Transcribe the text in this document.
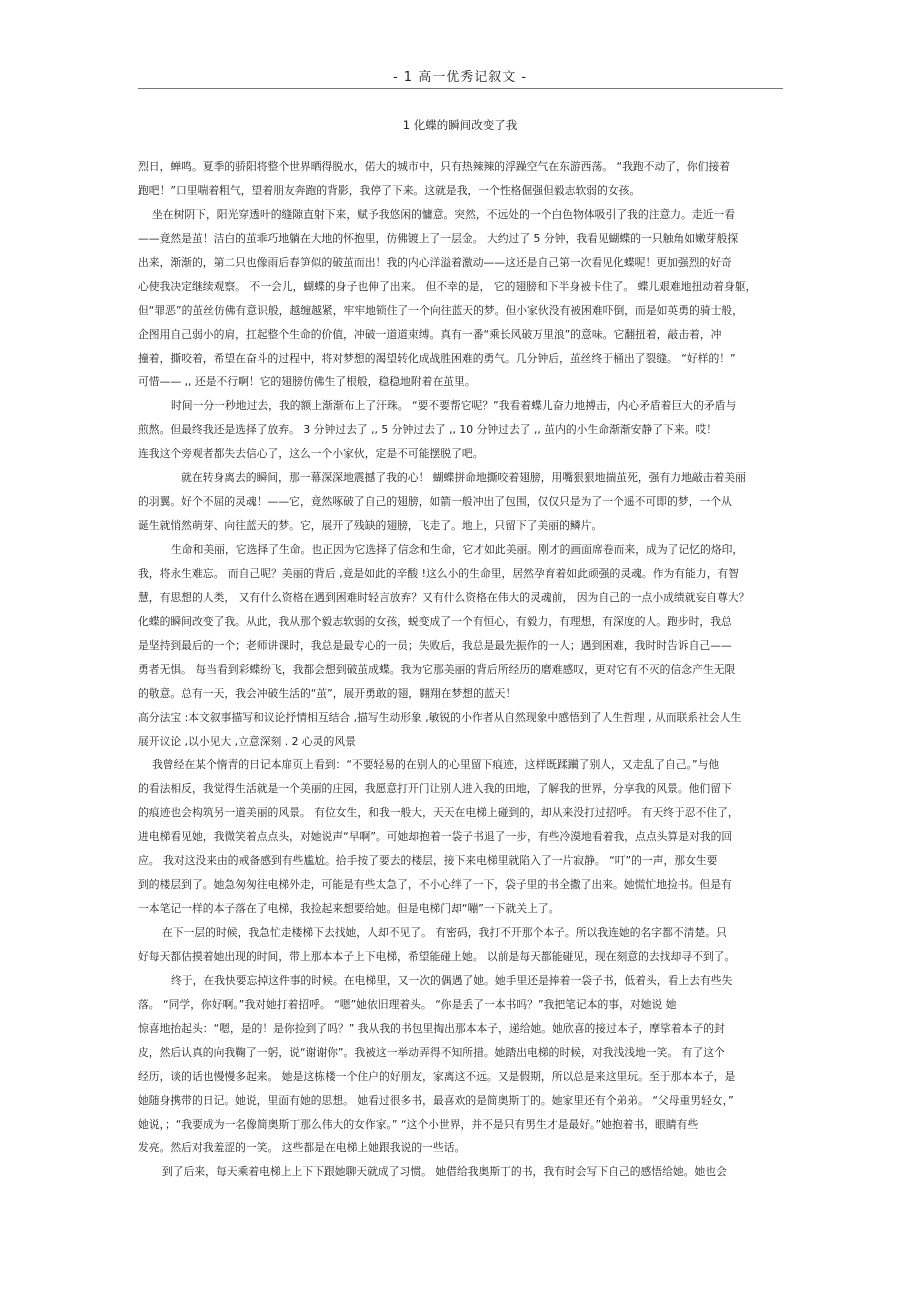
- 1 高一优秀记叙文 -
1 化蝶的瞬间改变了我
烈日，蝉鸣。夏季的骄阳将整个世界晒得脱水，偌大的城市中，只有热辣辣的浮躁空气在东游西荡。 “我跑不动了，你们接着
跑吧！”口里喘着粗气，望着朋友奔跑的背影，我停了下来。这就是我，一个性格倔强但毅志软弱的女孩。
坐在树阴下，阳光穿透叶的缝隙直射下来，赋予我悠闲的慵意。突然，不远处的一个白色物体吸引了我的注意力。走近一看
——竟然是茧！洁白的茧乖巧地躺在大地的怀抱里，仿佛镀上了一层金。 大约过了 5 分钟，我看见蝴蝶的一只触角如嫩芽般探
出来，渐渐的，第二只也像雨后春笋似的破茧而出！我的内心洋溢着激动——这还是自己第一次看见化蝶呢！更加强烈的好奇
心使我决定继续观察。 不一会儿，蝴蝶的身子也伸了出来。 但不幸的是， 它的翅膀和下半身被卡住了。 蝶儿艰难地扭动着身躯，
但“罪恶”的茧丝仿佛有意识般，越缠越紧，牢牢地锁住了一个向往蓝天的梦。但小家伙没有被困难吓倒，而是如英勇的骑士般，
企图用自己弱小的肩，扛起整个生命的价值，冲破一道道束缚。真有一番“乘长风破万里浪”的意味。它翻扭着，敲击着，冲
撞着，撕咬着，希望在奋斗的过程中，将对梦想的渴望转化成战胜困难的勇气。几分钟后，茧丝终于桶出了裂缝。 “好样的！”
可惜—— ,, 还是不行啊！它的翅膀仿佛生了根般，稳稳地附着在茧里。
时间一分一秒地过去，我的额上渐渐布上了汗珠。 “要不要帮它呢？”我看着蝶儿奋力地搏击，内心矛盾着巨大的矛盾与
煎熬。但最终我还是选择了放弃。 3 分钟过去了 ,, 5 分钟过去了 ,, 10 分钟过去了 ,, 茧内的小生命渐渐安静了下来。哎！
连我这个旁观者都失去信心了，这么一个小家伙，定是不可能摆脱了吧。
就在转身离去的瞬间，那一幕深深地震撼了我的心！ 蝴蝶拼命地撕咬着翅膀，用嘴狠狠地揣茧死，强有力地敲击着美丽
的羽翼。好个不屈的灵魂！——它，竟然啄破了自己的翅膀，如箭一般冲出了包围，仅仅只是为了一个遥不可即的梦，一个从
诞生就悄然萌芽、向往蓝天的梦。它，展开了残缺的翅膀，飞走了。地上，只留下了美丽的鳞片。
生命和美丽，它选择了生命。也正因为它选择了信念和生命，它才如此美丽。刚才的画面席卷而来，成为了记忆的烙印，
我，将永生难忘。 而自己呢？美丽的背后 ,竟是如此的辛酸 !这么小的生命里，居然孕育着如此顽强的灵魂。作为有能力，有智
慧，有思想的人类， 又有什么资格在遇到困难时轻言放弃？又有什么资格在伟大的灵魂前， 因为自己的一点小成绩就妄自尊大？
化蝶的瞬间改变了我。从此，我从那个毅志软弱的女孩，蜕变成了一个有恒心，有毅力，有理想，有深度的人。跑步时，我总
是坚持到最后的一个；老师讲课时，我总是最专心的一员；失败后，我总是最先振作的一人；遇到困难，我时时告诉自己——
勇者无惧。 每当看到彩蝶纷飞，我都会想到破茧成蝶。我为它那美丽的背后所经历的磨难感叹，更对它有不灭的信念产生无限
的敬意。总有一天，我会冲破生活的“茧”，展开勇敢的翅，翱翔在梦想的蓝天！
高分法宝 :本文叙事描写和议论抒情相互结合 ,描写生动形象 ,敏锐的小作者从自然现象中感悟到了人生哲理 , 从而联系社会人生
展开议论 ,以小见大 ,立意深刻 . 2 心灵的风景
我曾经在某个惰青的日记本扉页上看到：“不要轻易的在别人的心里留下痕迹，这样既蹂躏了别人，又走乱了自己。”与他
的看法相反，我觉得生活就是一个美丽的庄园，我愿意打开门让别人进入我的田地，了解我的世界，分享我的风景。他们留下
的痕迹也会构筑另一道美丽的风景。 有位女生，和我一般大，天天在电梯上碰到的，却从来没打过招呼。 有天终于忍不住了，
进电梯看见她，我微笑着点点头，对她说声“早啊”。可她却抱着一袋子书退了一步，有些冷漠地看着我，点点头算是对我的回
应。 我对这没来由的戒备感到有些尴尬。拾手按了要去的楼层，接下来电梯里就陷入了一片寂静。 “叮”的一声，那女生要
到的楼层到了。她急匆匆往电梯外走，可能是有些太急了，不小心绊了一下，袋子里的书全撒了出来。她慌忙地捡书。但是有
一本笔记一样的本子落在了电梯，我捡起来想要给她。但是电梯门却“嘣”一下就关上了。
在下一层的时候，我急忙走楼梯下去找她，人却不见了。 有密码，我打不开那个本子。所以我连她的名字都不清楚。只
好每天都估摸着她出现的时间，带上那本本子上下电梯，希望能碰上她。 以前是每天都能碰见，现在刻意的去找却寻不到了。
终于，在我快要忘掉这件事的时候。在电梯里，又一次的偶遇了她。她手里还是捧着一袋子书，低着头，看上去有些失
落。 “同学，你好啊。”我对她打着招呼。 “嗯”她依旧理着头。 “你是丢了一本书吗？”我把笔记本的事，对她说 她
惊喜地抬起头：“嗯，是的！是你捡到了吗？” 我从我的书包里掏出那本本子，递给她。她欣喜的接过本子，摩挲着本子的封
皮，然后认真的向我鞠了一躬，说“谢谢你”。我被这一举动弄得不知所措。她踏出电梯的时候，对我浅浅地一笑。 有了这个
经历，谈的话也慢慢多起来。 她是这栋楼一个住户的好朋友，家离这不远。又是假期，所以总是来这里玩。至于那本本子，是
她随身携带的日记。她说，里面有她的思想。 她看过很多书，最喜欢的是简奥斯丁的。她家里还有个弟弟。 “父母重男轻女，”
她说，；“我要成为一名像简奥斯丁那么伟大的女作家。” “这个小世界，并不是只有男生才是最好。”她抱着书，眼睛有些
发亮。然后对我羞涩的一笑。 这些都是在电梯上她跟我说的一些话。
到了后来，每天乘着电梯上上下下跟她聊天就成了习惯。 她借给我奥斯丁的书，我有时会写下自己的感悟给她。她也会
